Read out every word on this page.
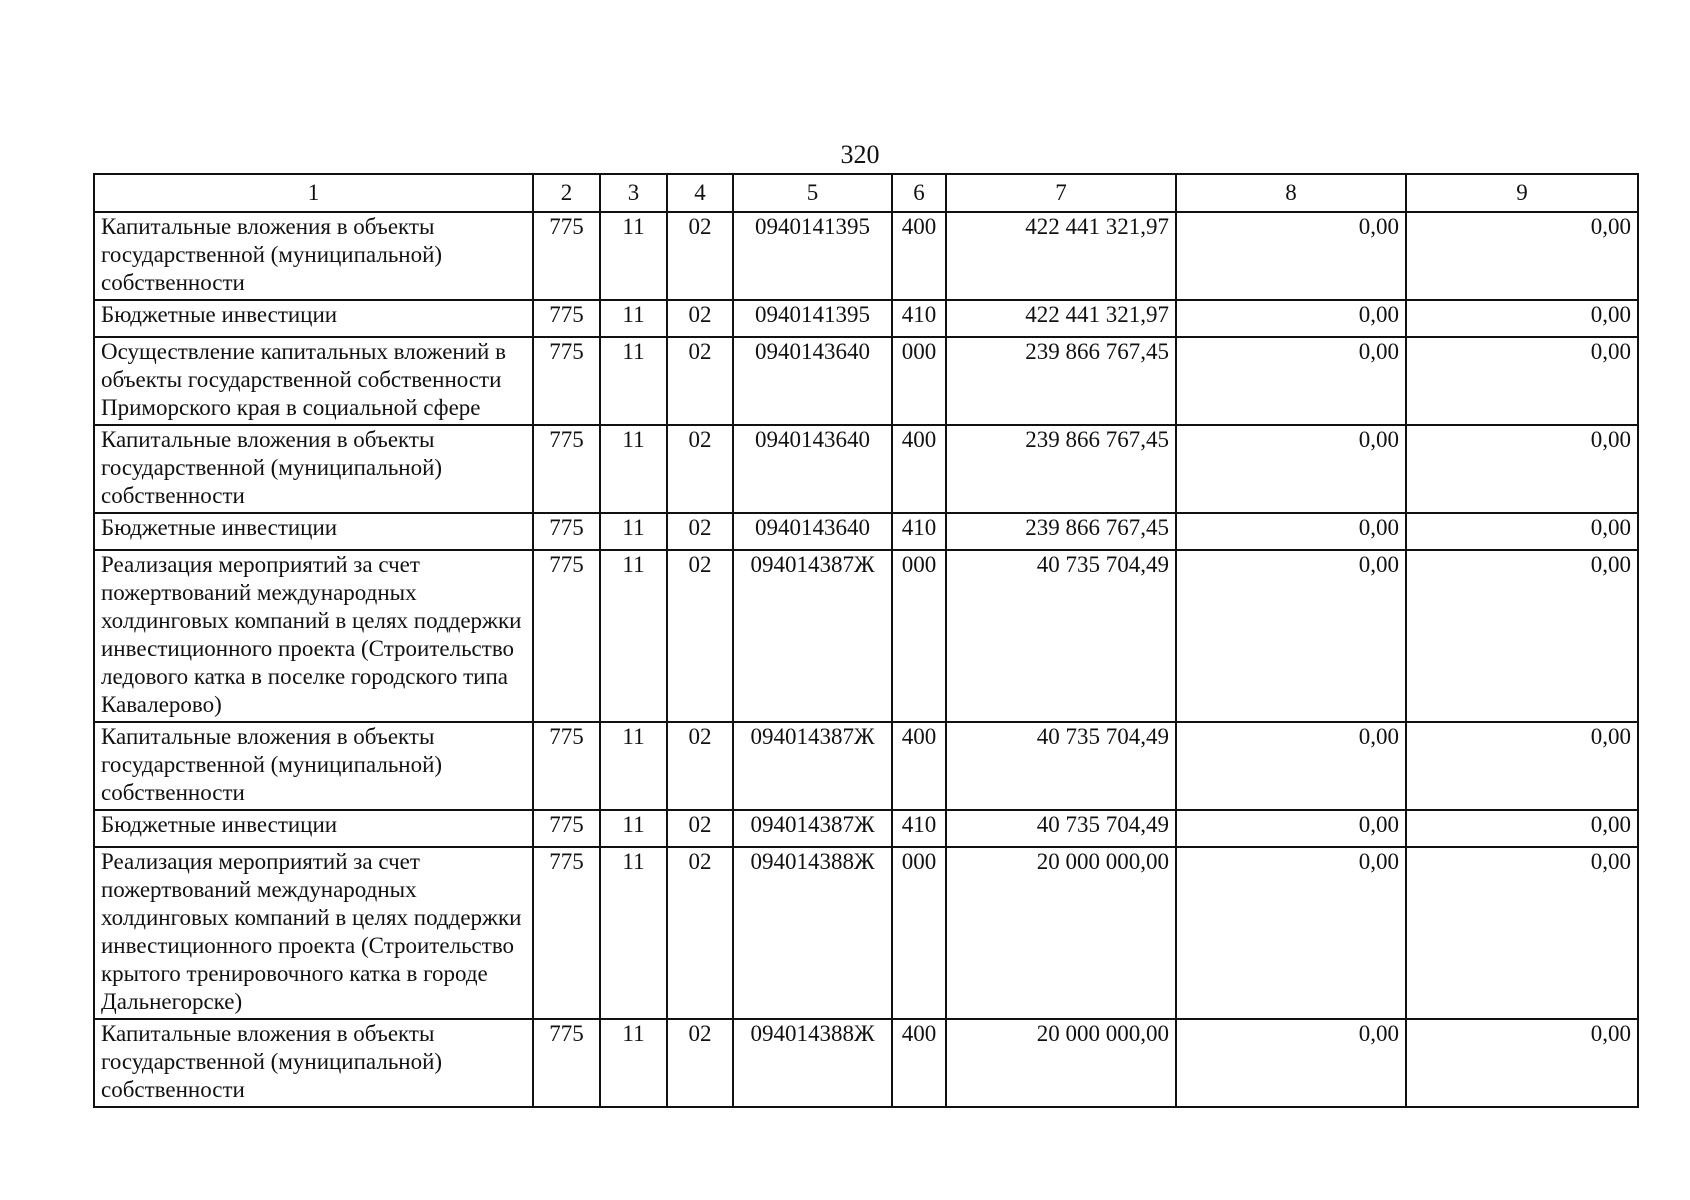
320
1	2	3	4	5	6	7	8	9
Капитальные вложения в объекты государственной (муниципальной) собственности	775	11	02	0940141395	400	422 441 321,97	0,00	0,00
Бюджетные инвестиции	775	11	02	0940141395	410	422 441 321,97	0,00	0,00
Осуществление капитальных вложений в объекты государственной собственности Приморского края в социальной сфере	775	11	02	0940143640	000	239 866 767,45	0,00	0,00
Капитальные вложения в объекты государственной (муниципальной) собственности	775	11	02	0940143640	400	239 866 767,45	0,00	0,00
Бюджетные инвестиции	775	11	02	0940143640	410	239 866 767,45	0,00	0,00
Реализация мероприятий за счет пожертвований международных холдинговых компаний в целях поддержки инвестиционного проекта (Строительство ледового катка в поселке городского типа Кавалерово)	775	11	02	094014387Ж	000	40 735 704,49	0,00	0,00
Капитальные вложения в объекты государственной (муниципальной) собственности	775	11	02	094014387Ж	400	40 735 704,49	0,00	0,00
Бюджетные инвестиции	775	11	02	094014387Ж	410	40 735 704,49	0,00	0,00
Реализация мероприятий за счет пожертвований международных холдинговых компаний в целях поддержки инвестиционного проекта (Строительство крытого тренировочного катка в городе Дальнегорске)	775	11	02	094014388Ж	000	20 000 000,00	0,00	0,00
Капитальные вложения в объекты государственной (муниципальной) собственности	775	11	02	094014388Ж	400	20 000 000,00	0,00	0,00
